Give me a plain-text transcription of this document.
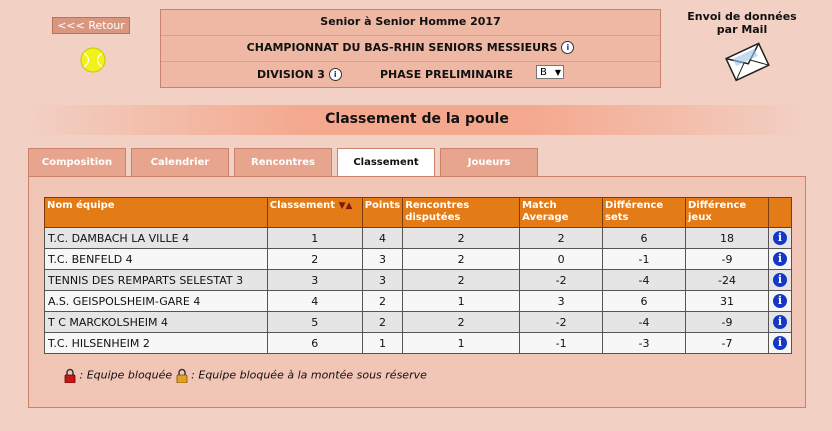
<<< Retour	Senior à Senior Homme 2017
CHAMPIONNAT DU BAS-RHIN SENIORS MESSIEURS i
DIVISION 3 i	PHASE PRELIMINAIRE	B ▼
Envoi de données
par Mail
Classement de la poule
Composition	Calendrier	Rencontres	Classement	Joueurs
Nom équipe	Classement ▼▲	Points	Rencontres disputées	Match Average	Différence sets	Différence jeux	
T.C. DAMBACH LA VILLE 4	1	4	2	2	6	18	i
T.C. BENFELD 4	2	3	2	0	-1	-9	i
TENNIS DES REMPARTS SELESTAT 3	3	3	2	-2	-4	-24	i
A.S. GEISPOLSHEIM-GARE 4	4	2	1	3	6	31	i
T C MARCKOLSHEIM 4	5	2	2	-2	-4	-9	i
T.C. HILSENHEIM 2	6	1	1	-1	-3	-7	i
: Equipe bloquée : Equipe bloquée à la montée sous réserve
